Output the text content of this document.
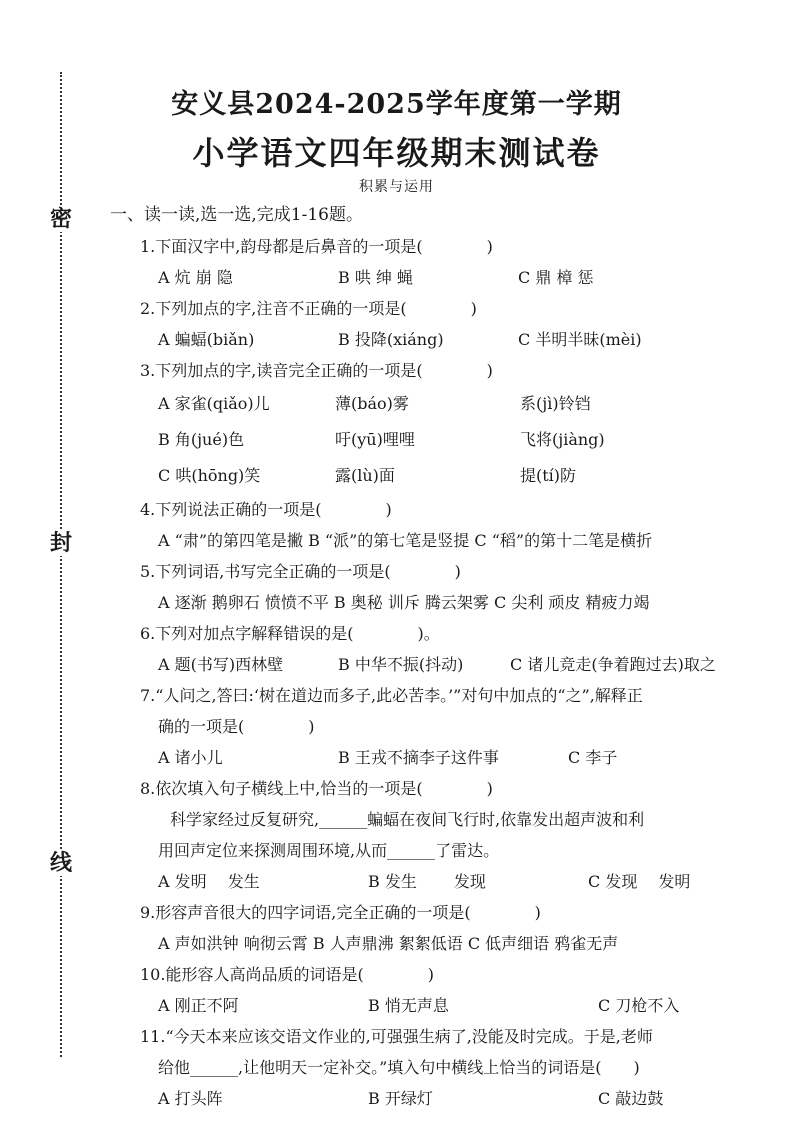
密
封
线
安义县2024-2025学年度第一学期
小学语文四年级期末测试卷
积累与运用
一、读一读,选一选,完成1-16题。
1.下面汉字中,韵母都是后鼻音的一项是(　　　　)
A 炕 崩 隐	B 哄 绅 蝇	C 鼎 樟 惩
2.下列加点的字,注音不正确的一项是(　　　　)
A 蝙蝠(biǎn)	B 投降(xiáng)	C 半明半昧(mèi)
3.下列加点的字,读音完全正确的一项是(　　　　)
A 家雀(qiǎo)儿	薄(báo)雾	系(jì)铃铛
B 角(jué)色	吁(yū)哩哩	飞将(jiàng)
C 哄(hōng)笑	露(lù)面	提(tí)防
4.下列说法正确的一项是(　　　　)
A “肃”的第四笔是撇 B “派”的第七笔是竖提 C “稻”的第十二笔是横折
5.下列词语,书写完全正确的一项是(　　　　)
A 逐渐 鹅卵石 愤愤不平 B 奥秘 训斥 腾云架雾 C 尖利 顽皮 精疲力竭
6.下列对加点字解释错误的是(　　　　)。
A 题(书写)西林壁	B 中华不振(抖动)	C 诸儿竞走(争着跑过去)取之
7.“人问之,答曰:‘树在道边而多子,此必苦李。’”对句中加点的“之”,解释正
确的一项是(　　　　)
A 诸小儿	B 王戎不摘李子这件事	C 李子
8.依次填入句子横线上中,恰当的一项是(　　　　)
科学家经过反复研究,______蝙蝠在夜间飞行时,依靠发出超声波和利
用回声定位来探测周围环境,从而______了雷达。
A 发明　 发生	B 发生　　 发现	C 发现　 发明
9.形容声音很大的四字词语,完全正确的一项是(　　　　)
A 声如洪钟 响彻云霄 B 人声鼎沸 絮絮低语 C 低声细语 鸦雀无声
10.能形容人高尚品质的词语是(　　　　)
A 刚正不阿	B 悄无声息	C 刀枪不入
11.“今天本来应该交语文作业的,可强强生病了,没能及时完成。于是,老师
给他______,让他明天一定补交。”填入句中横线上恰当的词语是(　　)
A 打头阵	B 开绿灯	C 敲边鼓
